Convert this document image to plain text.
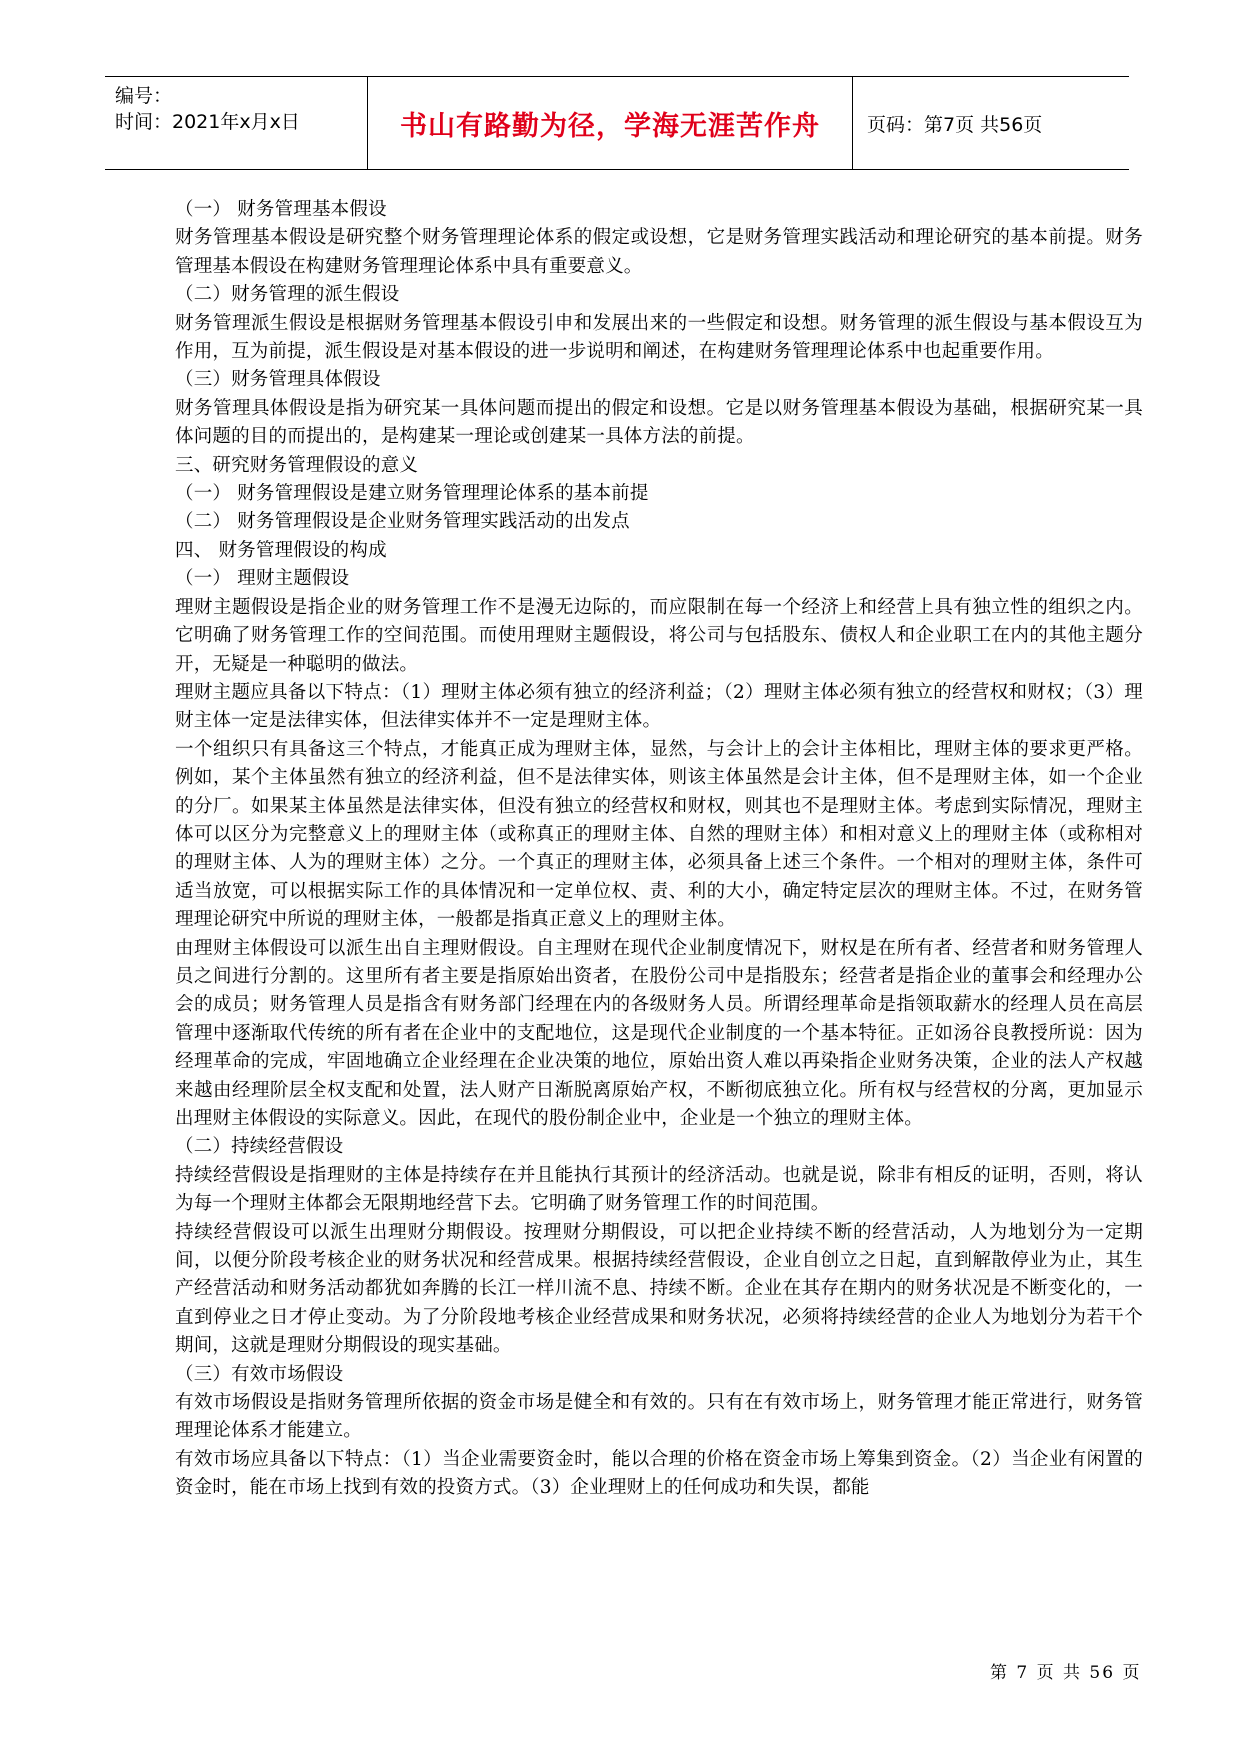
编号：
时间：2021年x月x日	书山有路勤为径，学海无涯苦作舟 页码：第7页 共56页

（一） 财务管理基本假设

财务管理基本假设是研究整个财务管理理论体系的假定或设想，它是财务管理实践活动和理论研究的基本前提。财务管理基本假设在构建财务管理理论体系中具有重要意义。

（二）财务管理的派生假设

财务管理派生假设是根据财务管理基本假设引申和发展出来的一些假定和设想。财务管理的派生假设与基本假设互为作用，互为前提，派生假设是对基本假设的进一步说明和阐述，在构建财务管理理论体系中也起重要作用。

（三）财务管理具体假设

财务管理具体假设是指为研究某一具体问题而提出的假定和设想。它是以财务管理基本假设为基础，根据研究某一具体问题的目的而提出的，是构建某一理论或创建某一具体方法的前提。

三、研究财务管理假设的意义

（一） 财务管理假设是建立财务管理理论体系的基本前提

（二） 财务管理假设是企业财务管理实践活动的出发点

四、 财务管理假设的构成

（一） 理财主题假设

理财主题假设是指企业的财务管理工作不是漫无边际的，而应限制在每一个经济上和经营上具有独立性的组织之内。它明确了财务管理工作的空间范围。而使用理财主题假设，将公司与包括股东、债权人和企业职工在内的其他主题分开，无疑是一种聪明的做法。

理财主题应具备以下特点：（1）理财主体必须有独立的经济利益；（2）理财主体必须有独立的经营权和财权；（3）理财主体一定是法律实体，但法律实体并不一定是理财主体。

一个组织只有具备这三个特点，才能真正成为理财主体，显然，与会计上的会计主体相比，理财主体的要求更严格。例如，某个主体虽然有独立的经济利益，但不是法律实体，则该主体虽然是会计主体，但不是理财主体，如一个企业的分厂。如果某主体虽然是法律实体，但没有独立的经营权和财权，则其也不是理财主体。考虑到实际情况，理财主体可以区分为完整意义上的理财主体（或称真正的理财主体、自然的理财主体）和相对意义上的理财主体（或称相对的理财主体、人为的理财主体）之分。一个真正的理财主体，必须具备上述三个条件。一个相对的理财主体，条件可适当放宽，可以根据实际工作的具体情况和一定单位权、责、利的大小，确定特定层次的理财主体。不过，在财务管理理论研究中所说的理财主体，一般都是指真正意义上的理财主体。

由理财主体假设可以派生出自主理财假设。自主理财在现代企业制度情况下，财权是在所有者、经营者和财务管理人员之间进行分割的。这里所有者主要是指原始出资者，在股份公司中是指股东；经营者是指企业的董事会和经理办公会的成员；财务管理人员是指含有财务部门经理在内的各级财务人员。所谓经理革命是指领取薪水的经理人员在高层管理中逐渐取代传统的所有者在企业中的支配地位，这是现代企业制度的一个基本特征。正如汤谷良教授所说：因为经理革命的完成，牢固地确立企业经理在企业决策的地位，原始出资人难以再染指企业财务决策，企业的法人产权越来越由经理阶层全权支配和处置，法人财产日渐脱离原始产权，不断彻底独立化。所有权与经营权的分离，更加显示出理财主体假设的实际意义。因此，在现代的股份制企业中，企业是一个独立的理财主体。

（二）持续经营假设

持续经营假设是指理财的主体是持续存在并且能执行其预计的经济活动。也就是说，除非有相反的证明，否则，将认为每一个理财主体都会无限期地经营下去。它明确了财务管理工作的时间范围。

持续经营假设可以派生出理财分期假设。按理财分期假设，可以把企业持续不断的经营活动，人为地划分为一定期间，以便分阶段考核企业的财务状况和经营成果。根据持续经营假设，企业自创立之日起，直到解散停业为止，其生产经营活动和财务活动都犹如奔腾的长江一样川流不息、持续不断。企业在其存在期内的财务状况是不断变化的，一直到停业之日才停止变动。为了分阶段地考核企业经营成果和财务状况，必须将持续经营的企业人为地划分为若干个期间，这就是理财分期假设的现实基础。

（三）有效市场假设

有效市场假设是指财务管理所依据的资金市场是健全和有效的。只有在有效市场上，财务管理才能正常进行，财务管理理论体系才能建立。

有效市场应具备以下特点：（1）当企业需要资金时，能以合理的价格在资金市场上筹集到资金。（2）当企业有闲置的资金时，能在市场上找到有效的投资方式。（3）企业理财上的任何成功和失误，都能

第 7 页 共 56 页
